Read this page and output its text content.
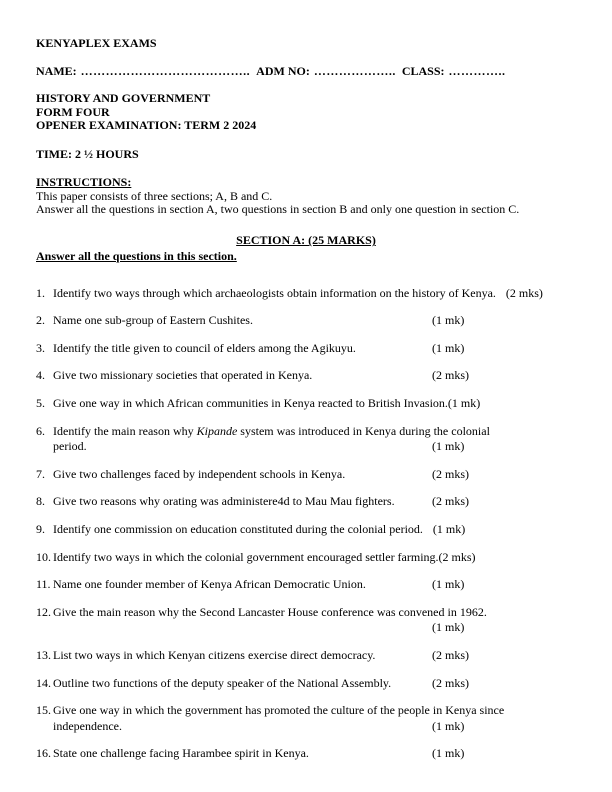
KENYAPLEX EXAMS
NAME: ………………………………….. ADM NO: ……………….. CLASS: …………..
HISTORY AND GOVERNMENT
FORM FOUR
OPENER EXAMINATION: TERM 2 2024
TIME: 2 ½ HOURS
INSTRUCTIONS:
This paper consists of three sections; A, B and C.
Answer all the questions in section A, two questions in section B and only one question in section C.
SECTION A: (25 MARKS)
Answer all the questions in this section.
1. Identify two ways through which archaeologists obtain information on the history of Kenya. (2 mks)
2. Name one sub-group of Eastern Cushites.	(1 mk)
3. Identify the title given to council of elders among the Agikuyu.	(1 mk)
4. Give two missionary societies that operated in Kenya.	(2 mks)
5. Give one way in which African communities in Kenya reacted to British Invasion.(1 mk)
6. Identify the main reason why Kipande system was introduced in Kenya during the colonial period.	(1 mk)
7. Give two challenges faced by independent schools in Kenya.	(2 mks)
8. Give two reasons why orating was administere4d to Mau Mau fighters.	(2 mks)
9. Identify one commission on education constituted during the colonial period. (1 mk)
10. Identify two ways in which the colonial government encouraged settler farming.(2 mks)
11. Name one founder member of Kenya African Democratic Union.	(1 mk)
12. Give the main reason why the Second Lancaster House conference was convened in 1962.
(1 mk)
13. List two ways in which Kenyan citizens exercise direct democracy.	(2 mks)
14. Outline two functions of the deputy speaker of the National Assembly.	(2 mks)
15. Give one way in which the government has promoted the culture of the people in Kenya since independence.	(1 mk)
16. State one challenge facing Harambee spirit in Kenya.	(1 mk)
